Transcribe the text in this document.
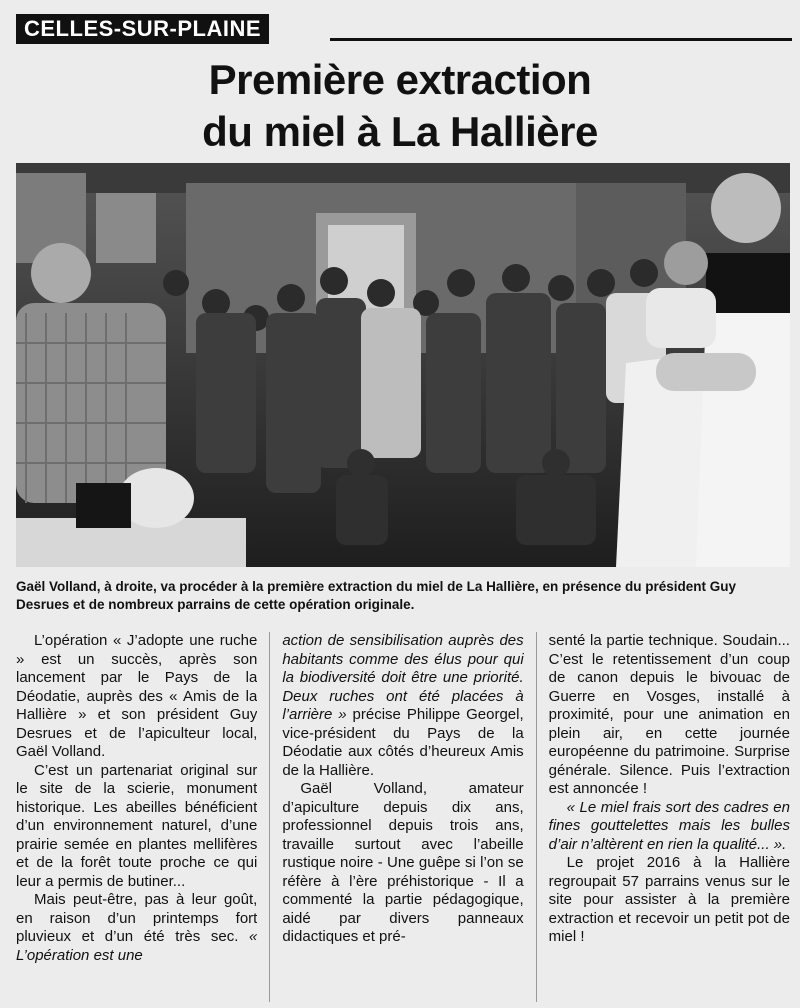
CELLES-SUR-PLAINE
Première extraction
du miel à La Hallière
Gaël Volland, à droite, va procéder à la première extraction du miel de La Hallière, en présence du président Guy Desrues et de nombreux parrains de cette opération originale.

L’opération « J’adopte une ruche » est un succès, après son lancement par le Pays de la Déodatie, auprès des « Amis de la Hallière » et son président Guy Desrues et de l’apiculteur local, Gaël Volland.

C’est un partenariat original sur le site de la scierie, monument historique. Les abeilles bénéficient d’un environnement naturel, d’une prairie semée en plantes mellifères et de la forêt toute proche ce qui leur a permis de butiner...

Mais peut-être, pas à leur goût, en raison d’un printemps fort pluvieux et d’un été très sec. « L’opération est une

action de sensibilisation auprès des habitants comme des élus pour qui la biodiversité doit être une priorité. Deux ruches ont été placées à l’arrière » précise Philippe Georgel, vice-président du Pays de la Déodatie aux côtés d’heureux Amis de la Hallière.

Gaël Volland, amateur d’apiculture depuis dix ans, professionnel depuis trois ans, travaille surtout avec l’abeille rustique noire - Une guêpe si l’on se réfère à l’ère préhistorique - Il a commenté la partie pédagogique, aidé par divers panneaux didactiques et pré-

senté la partie technique. Soudain... C’est le retentissement d’un coup de canon depuis le bivouac de Guerre en Vosges, installé à proximité, pour une animation en plein air, en cette journée européenne du patrimoine. Surprise générale. Silence. Puis l’extraction est annoncée !

« Le miel frais sort des cadres en fines gouttelettes mais les bulles d’air n’altèrent en rien la qualité... ».

Le projet 2016 à la Hallière regroupait 57 parrains venus sur le site pour assister à la première extraction et recevoir un petit pot de miel !
